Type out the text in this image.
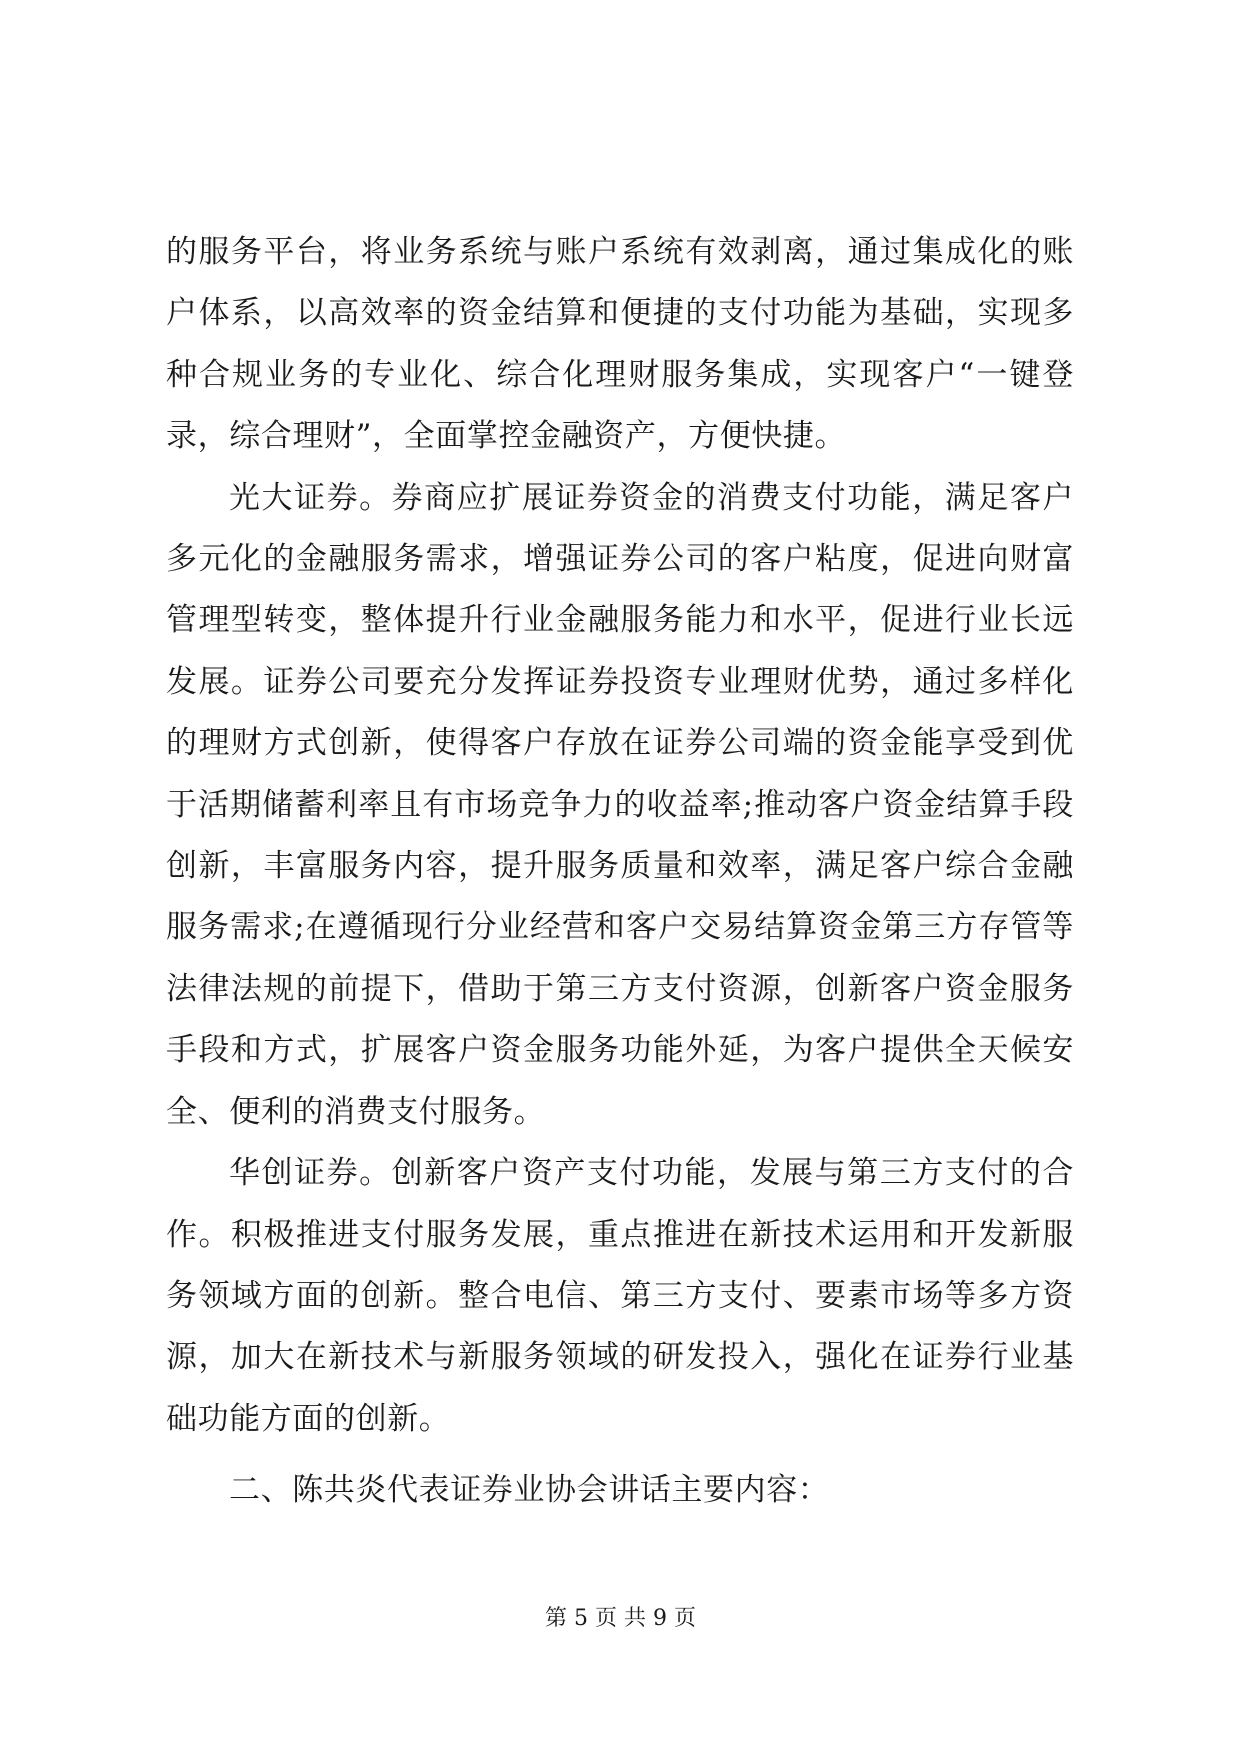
的服务平台，将业务系统与账户系统有效剥离，通过集成化的账户体系，以高效率的资金结算和便捷的支付功能为基础，实现多种合规业务的专业化、综合化理财服务集成，实现客户“一键登录，综合理财”，全面掌控金融资产，方便快捷。

光大证券。券商应扩展证券资金的消费支付功能，满足客户多元化的金融服务需求，增强证券公司的客户粘度，促进向财富管理型转变，整体提升行业金融服务能力和水平，促进行业长远发展。证券公司要充分发挥证券投资专业理财优势，通过多样化的理财方式创新，使得客户存放在证券公司端的资金能享受到优于活期储蓄利率且有市场竞争力的收益率;推动客户资金结算手段创新，丰富服务内容，提升服务质量和效率，满足客户综合金融服务需求;在遵循现行分业经营和客户交易结算资金第三方存管等法律法规的前提下，借助于第三方支付资源，创新客户资金服务手段和方式，扩展客户资金服务功能外延，为客户提供全天候安全、便利的消费支付服务。

华创证券。创新客户资产支付功能，发展与第三方支付的合作。积极推进支付服务发展，重点推进在新技术运用和开发新服务领域方面的创新。整合电信、第三方支付、要素市场等多方资源，加大在新技术与新服务领域的研发投入，强化在证券行业基础功能方面的创新。

二、陈共炎代表证券业协会讲话主要内容：

第 5 页 共 9 页
